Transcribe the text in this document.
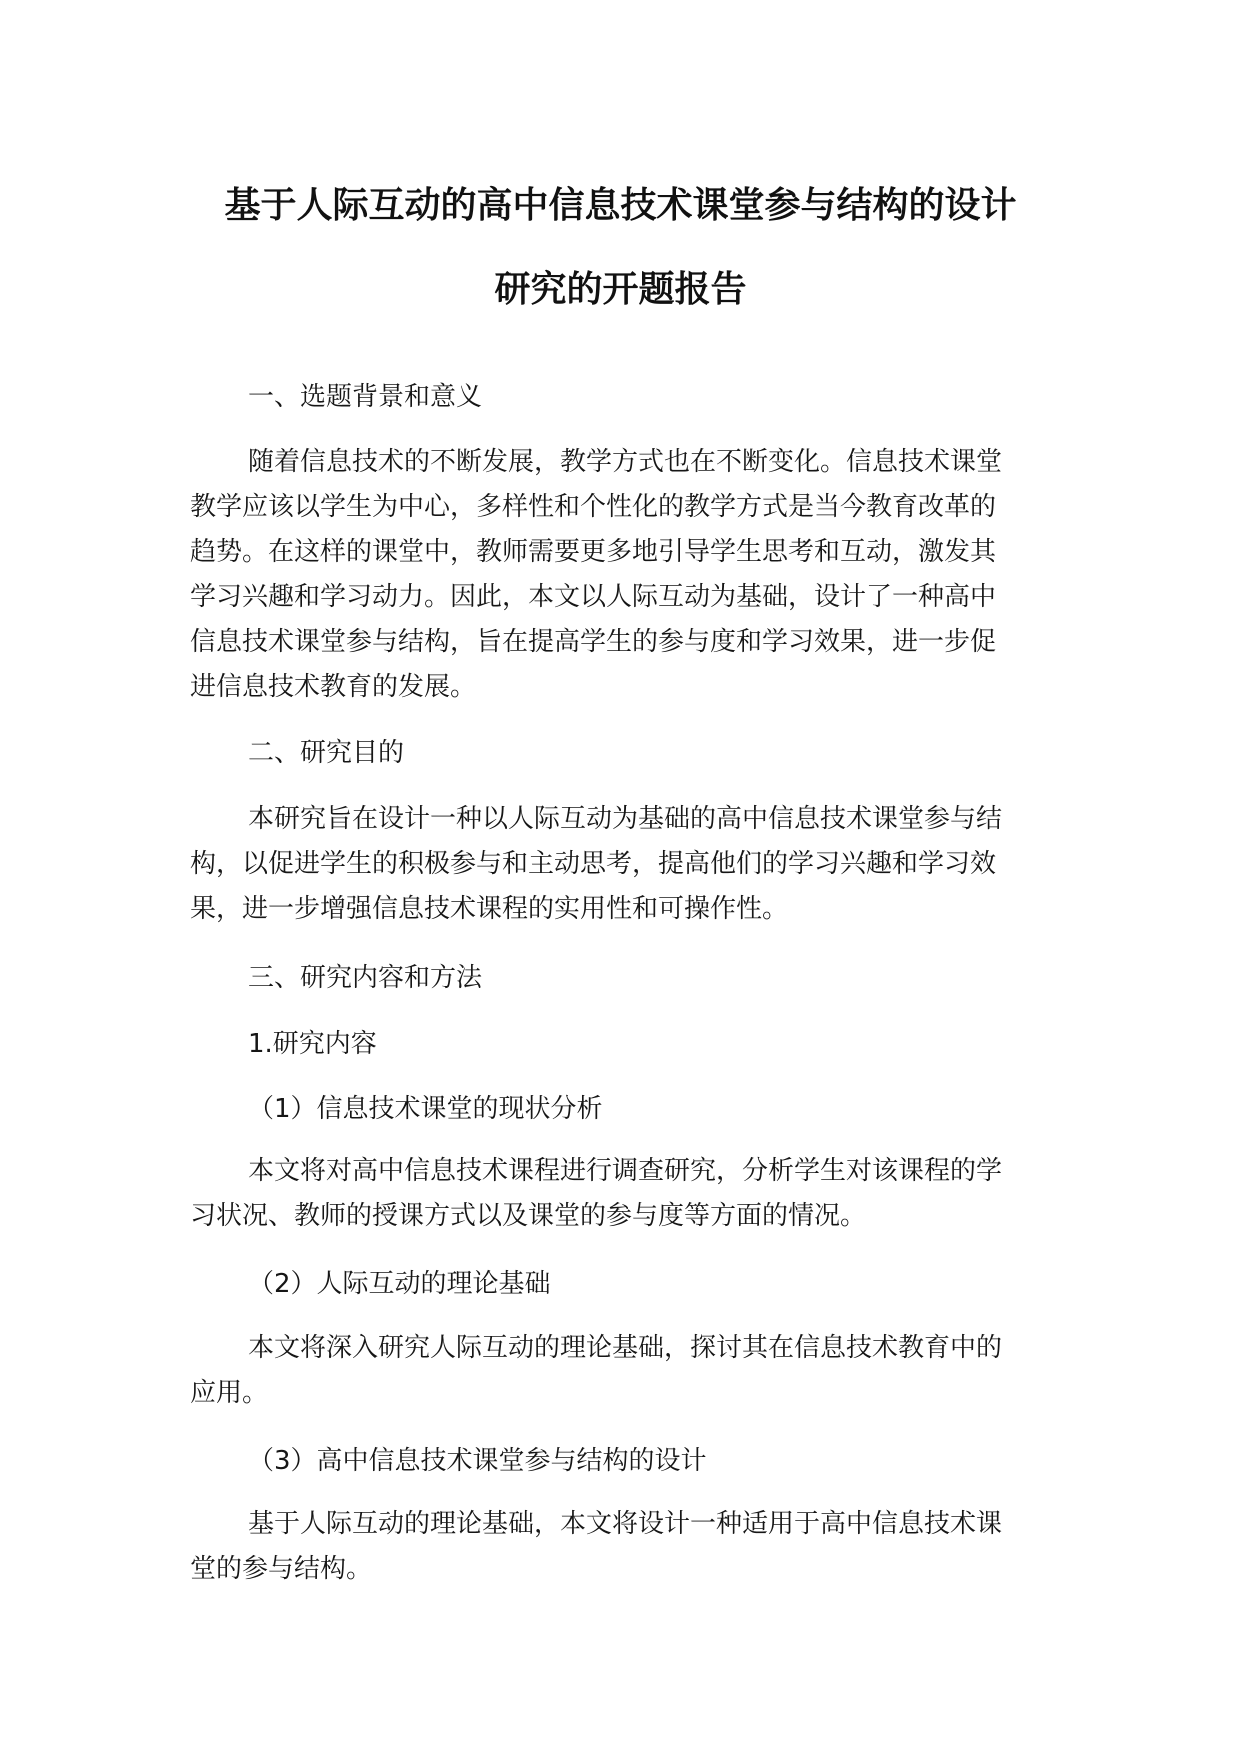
基于人际互动的高中信息技术课堂参与结构的设计
研究的开题报告
一、选题背景和意义
随着信息技术的不断发展，教学方式也在不断变化。信息技术课堂
教学应该以学生为中心，多样性和个性化的教学方式是当今教育改革的
趋势。在这样的课堂中，教师需要更多地引导学生思考和互动，激发其
学习兴趣和学习动力。因此，本文以人际互动为基础，设计了一种高中
信息技术课堂参与结构，旨在提高学生的参与度和学习效果，进一步促
进信息技术教育的发展。
二、研究目的
本研究旨在设计一种以人际互动为基础的高中信息技术课堂参与结
构，以促进学生的积极参与和主动思考，提高他们的学习兴趣和学习效
果，进一步增强信息技术课程的实用性和可操作性。
三、研究内容和方法
1.研究内容
（1）信息技术课堂的现状分析
本文将对高中信息技术课程进行调查研究，分析学生对该课程的学
习状况、教师的授课方式以及课堂的参与度等方面的情况。
（2）人际互动的理论基础
本文将深入研究人际互动的理论基础，探讨其在信息技术教育中的
应用。
（3）高中信息技术课堂参与结构的设计
基于人际互动的理论基础，本文将设计一种适用于高中信息技术课
堂的参与结构。
